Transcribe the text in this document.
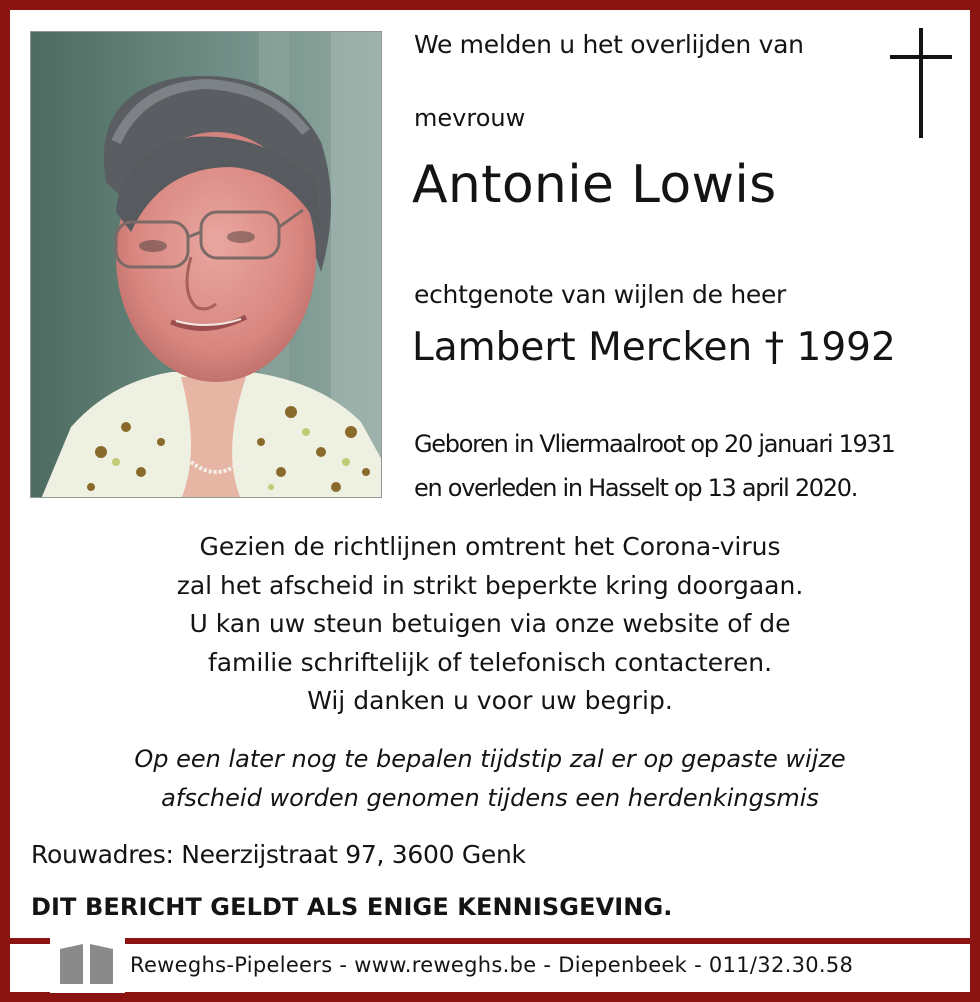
We melden u het overlijden van
mevrouw
Antonie Lowis
echtgenote van wijlen de heer
Lambert Mercken † 1992
Geboren in Vliermaalroot op 20 januari 1931
en overleden in Hasselt op 13 april 2020.
Gezien de richtlijnen omtrent het Corona-virus
zal het afscheid in strikt beperkte kring doorgaan.
U kan uw steun betuigen via onze website of de
familie schriftelijk of telefonisch contacteren.
Wij danken u voor uw begrip.
Op een later nog te bepalen tijdstip zal er op gepaste wijze
afscheid worden genomen tijdens een herdenkingsmis
Rouwadres: Neerzijstraat 97, 3600 Genk
DIT BERICHT GELDT ALS ENIGE KENNISGEVING.
Reweghs-Pipeleers - www.reweghs.be - Diepenbeek - 011/32.30.58
